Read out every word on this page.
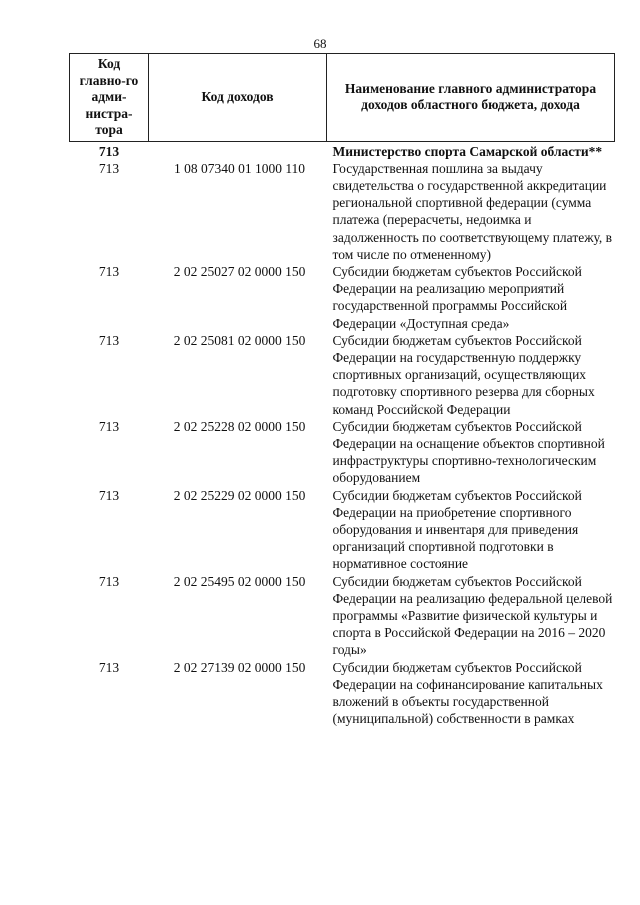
68
Код главно-го адми-нистра-тора	Код доходов	Наименование главного администратора доходов областного бюджета, дохода
713		Министерство спорта Самарской области**
713	1 08 07340 01 1000 110	Государственная пошлина за выдачу свидетельства о государственной аккредитации региональной спортивной федерации (сумма платежа (перерасчеты, недоимка и задолженность по соответствующему платежу, в том числе по отмененному)
713	2 02 25027 02 0000 150	Субсидии бюджетам субъектов Российской Федерации на реализацию мероприятий государственной программы Российской Федерации «Доступная среда»
713	2 02 25081 02 0000 150	Субсидии бюджетам субъектов Российской Федерации на государственную поддержку спортивных организаций, осуществляющих подготовку спортивного резерва для сборных команд Российской Федерации
713	2 02 25228 02 0000 150	Субсидии бюджетам субъектов Российской Федерации на оснащение объектов спортивной инфраструктуры спортивно-технологическим оборудованием
713	2 02 25229 02 0000 150	Субсидии бюджетам субъектов Российской Федерации на приобретение спортивного оборудования и инвентаря для приведения организаций спортивной подготовки в нормативное состояние
713	2 02 25495 02 0000 150	Субсидии бюджетам субъектов Российской Федерации на реализацию федеральной целевой программы «Развитие физической культуры и спорта в Российской Федерации на 2016 – 2020 годы»
713	2 02 27139 02 0000 150	Субсидии бюджетам субъектов Российской Федерации на софинансирование капитальных вложений в объекты государственной (муниципальной) собственности в рамках
